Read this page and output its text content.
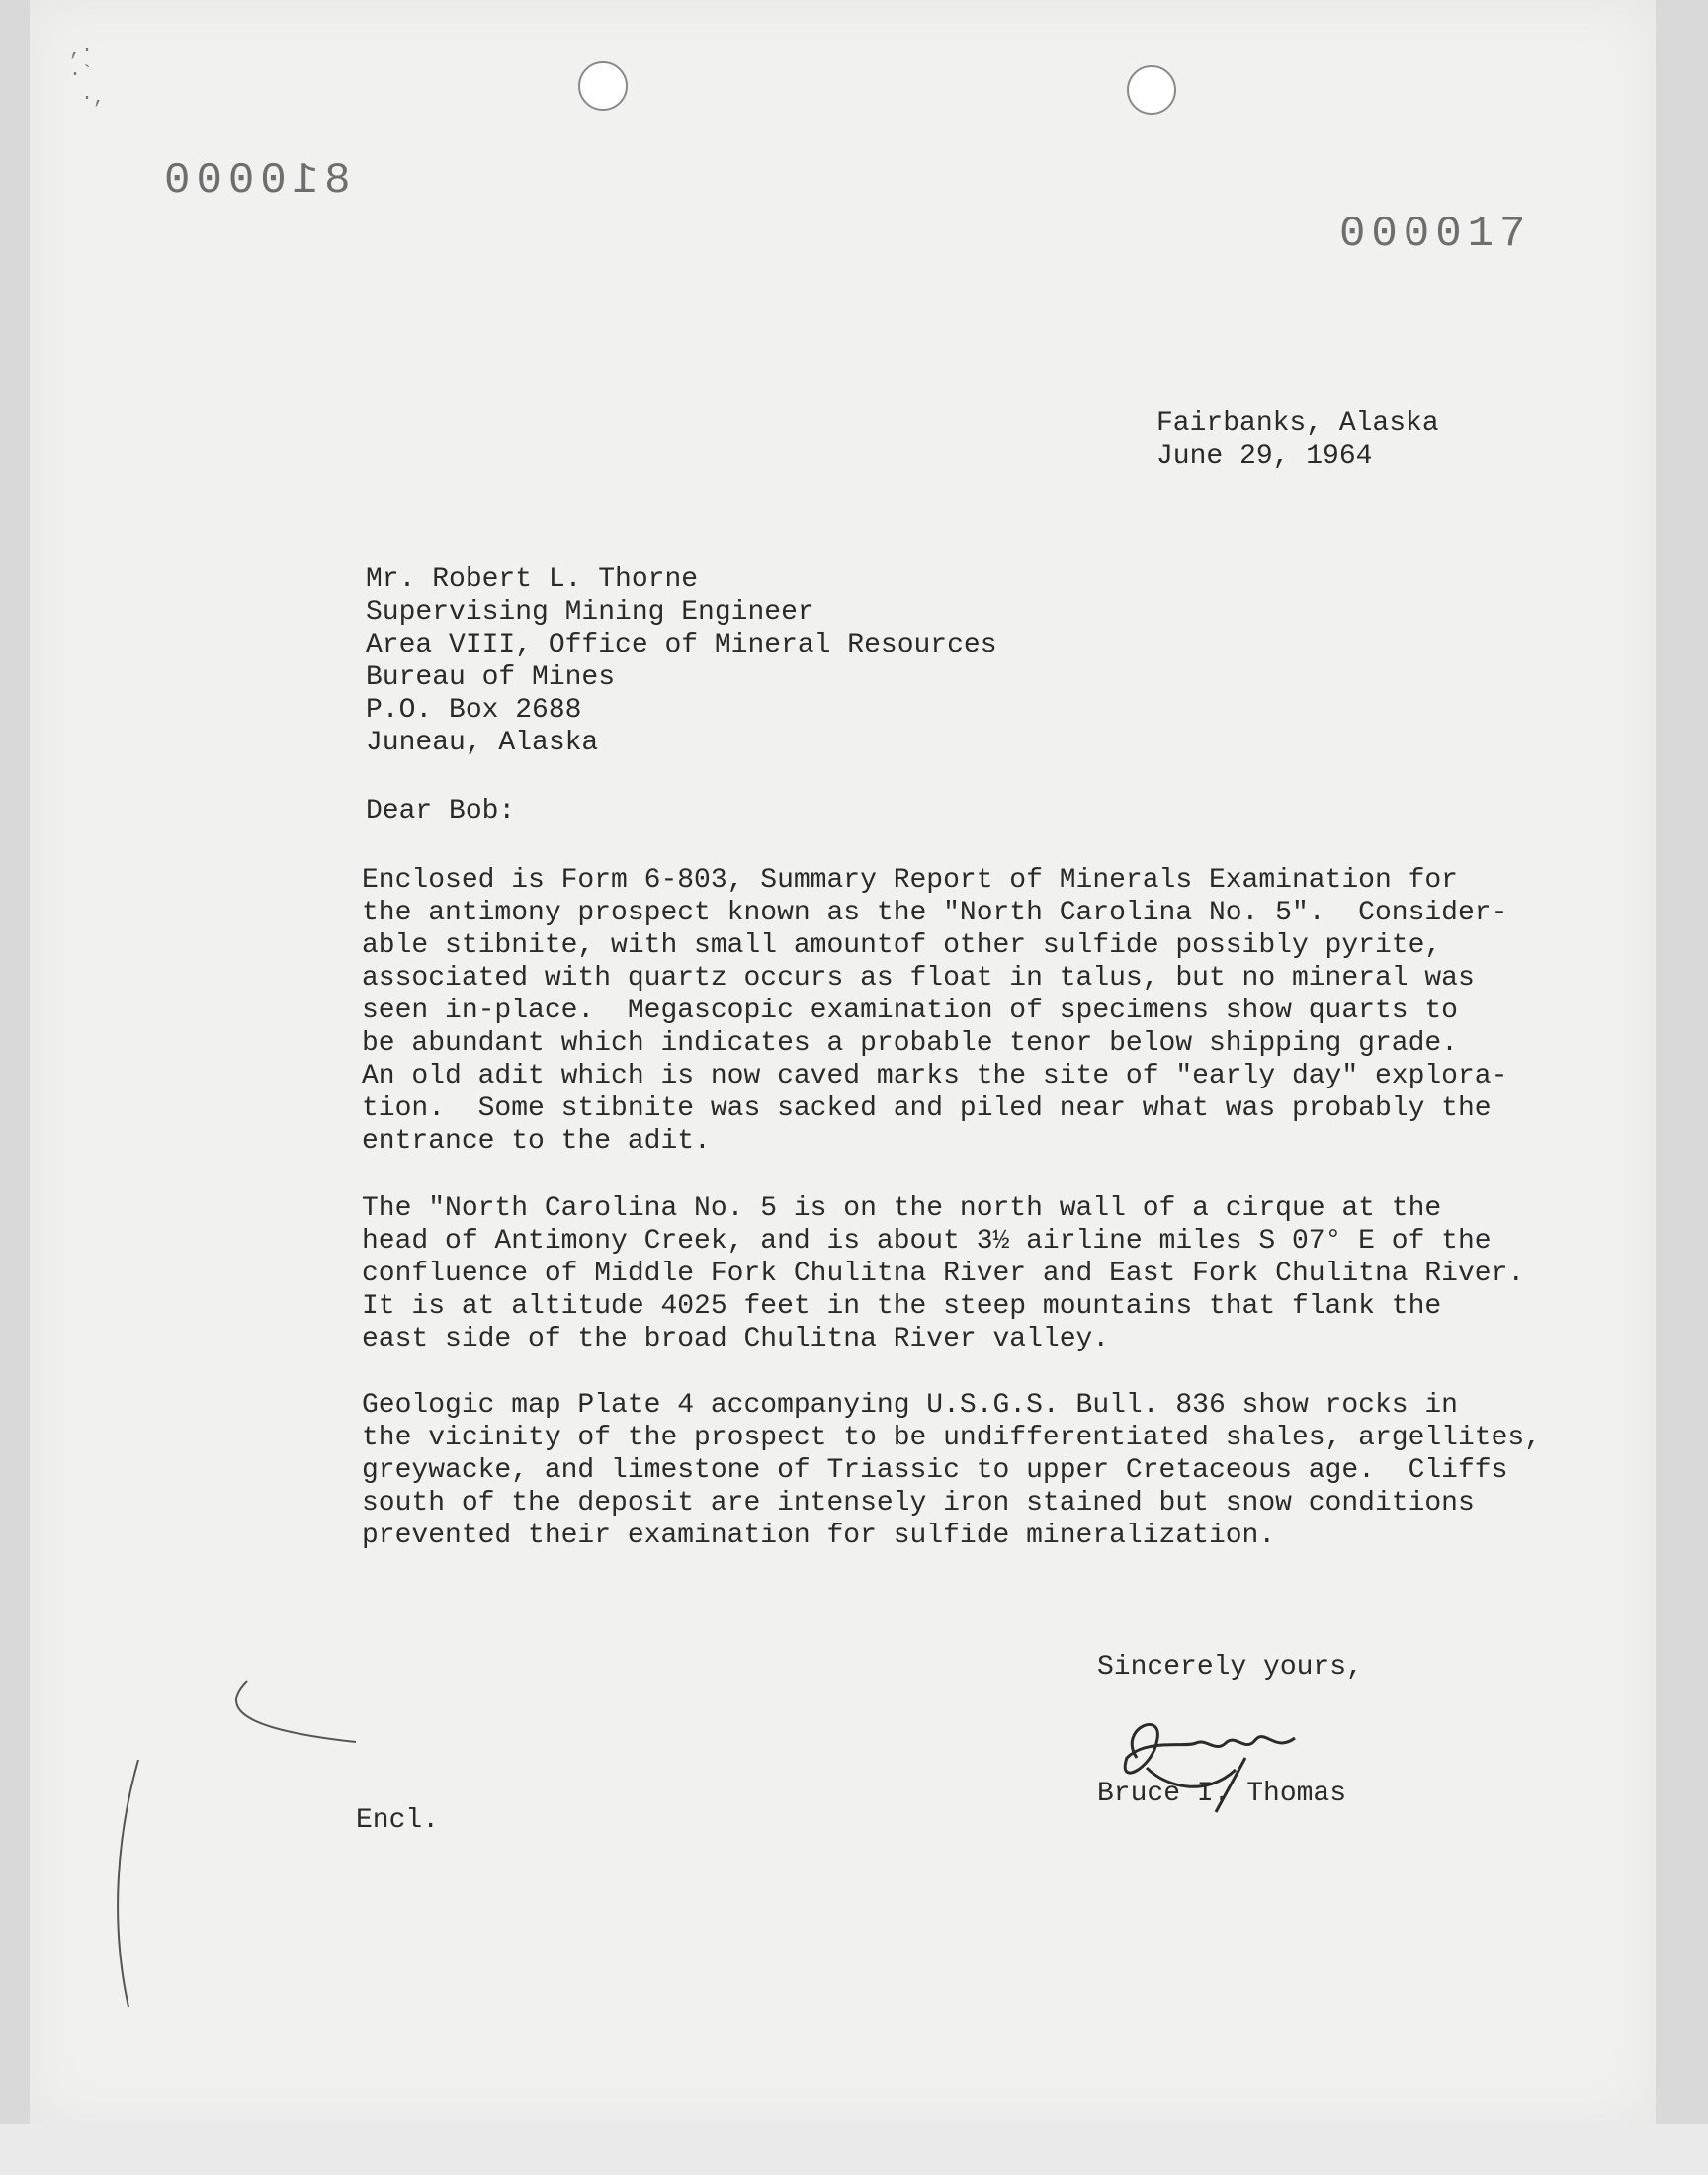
,·
·`
·,
810000
000017
Fairbanks, Alaska
June 29, 1964
Mr. Robert L. Thorne
Supervising Mining Engineer
Area VIII, Office of Mineral Resources
Bureau of Mines
P.O. Box 2688
Juneau, Alaska
Dear Bob:
Enclosed is Form 6-803, Summary Report of Minerals Examination for
the antimony prospect known as the "North Carolina No. 5".  Consider-
able stibnite, with small amountof other sulfide possibly pyrite,
associated with quartz occurs as float in talus, but no mineral was
seen in-place.  Megascopic examination of specimens show quarts to
be abundant which indicates a probable tenor below shipping grade.
An old adit which is now caved marks the site of "early day" explora-
tion.  Some stibnite was sacked and piled near what was probably the
entrance to the adit.
The "North Carolina No. 5 is on the north wall of a cirque at the
head of Antimony Creek, and is about 3½ airline miles S 07° E of the
confluence of Middle Fork Chulitna River and East Fork Chulitna River.
It is at altitude 4025 feet in the steep mountains that flank the
east side of the broad Chulitna River valley.
Geologic map Plate 4 accompanying U.S.G.S. Bull. 836 show rocks in
the vicinity of the prospect to be undifferentiated shales, argellites,
greywacke, and limestone of Triassic to upper Cretaceous age.  Cliffs
south of the deposit are intensely iron stained but snow conditions
prevented their examination for sulfide mineralization.
Sincerely yours,
Bruce I. Thomas
Encl.
